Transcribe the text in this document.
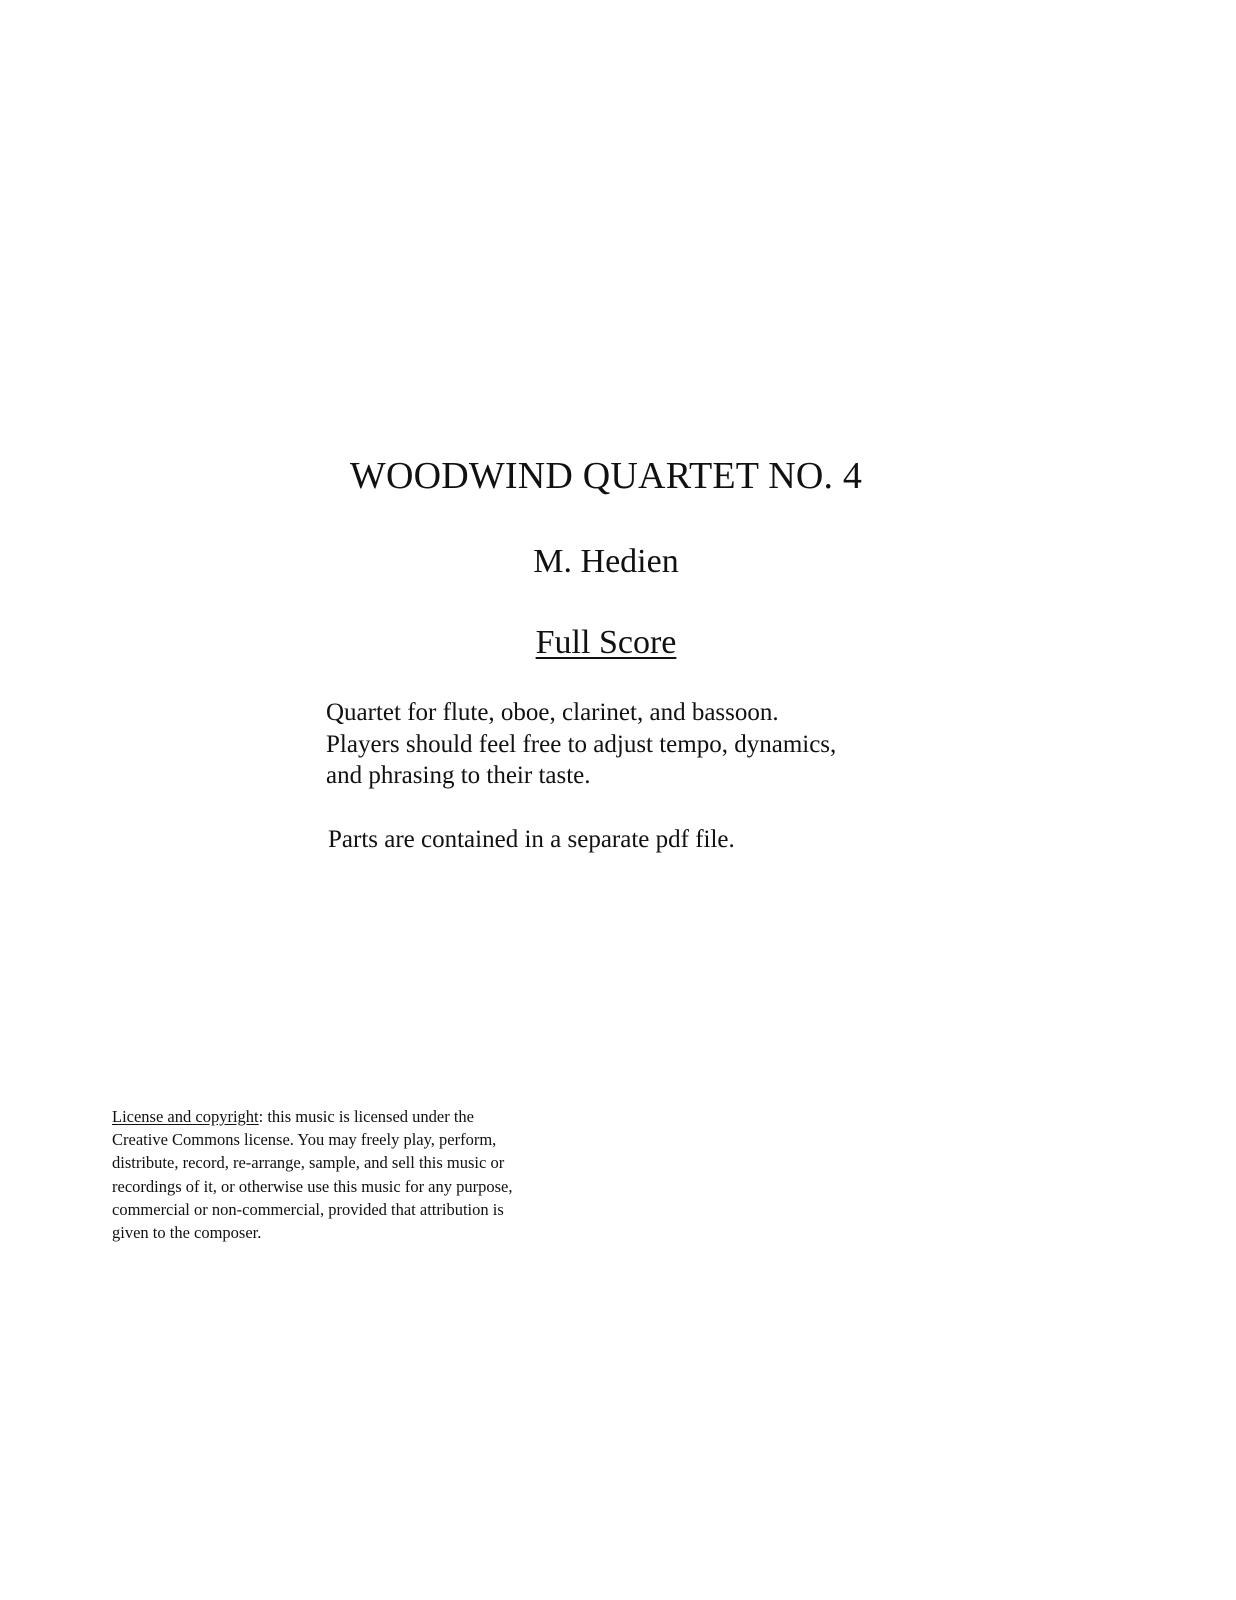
WOODWIND QUARTET NO. 4
M. Hedien
Full Score
Quartet for flute, oboe, clarinet, and bassoon.
Players should feel free to adjust tempo, dynamics,
and phrasing to their taste.
Parts are contained in a separate pdf file.
License and copyright: this music is licensed under the
Creative Commons license. You may freely play, perform,
distribute, record, re-arrange, sample, and sell this music or
recordings of it, or otherwise use this music for any purpose,
commercial or non-commercial, provided that attribution is
given to the composer.
